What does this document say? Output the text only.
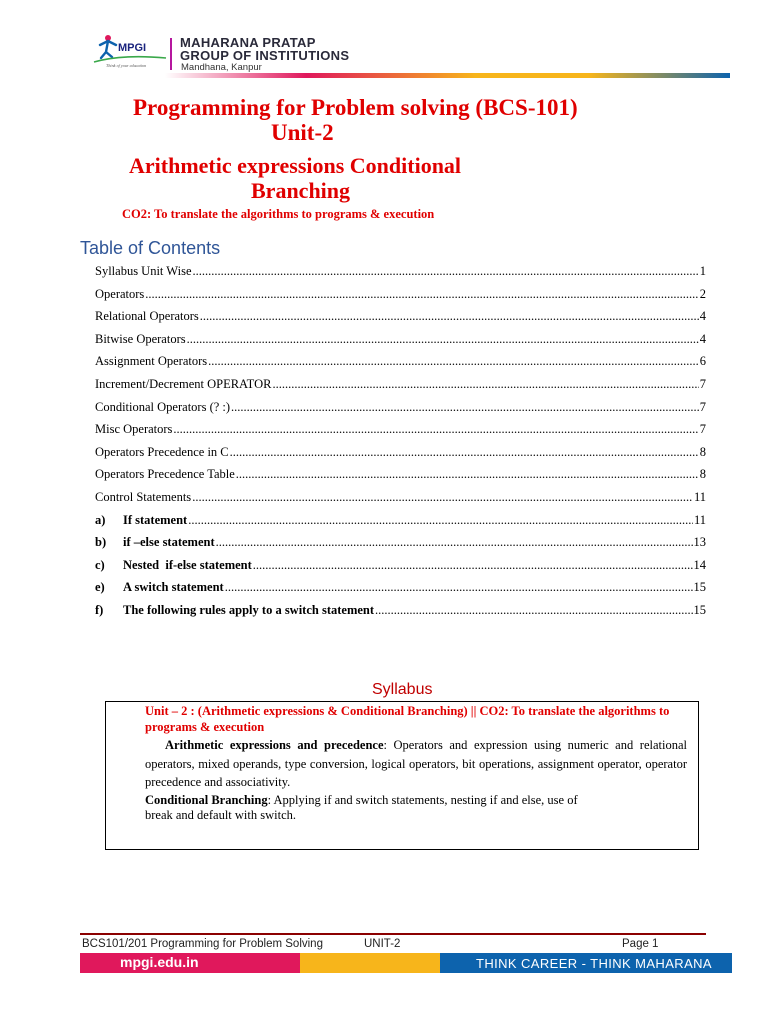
MPGI
Think of your education
MAHARANA PRATAP
GROUP OF INSTITUTIONS
Mandhana, Kanpur
Programming for Problem solving (BCS-101)
Unit-2
Arithmetic expressions Conditional
Branching
CO2: To translate the algorithms to programs & execution
Table of Contents
Syllabus Unit Wise .....	1
Operators .....	2
Relational Operators .....	4
Bitwise Operators .....	4
Assignment Operators .....	6
Increment/Decrement OPERATOR .....	7
Conditional Operators (? :) .....	7
Misc Operators .....	7
Operators Precedence in C .....	8
Operators Precedence Table .....	8
Control Statements .....	11
a)	If statement .....	11
b)	if –else statement .....	13
c)	Nested  if-else statement .....	14
e)	A switch statement .....	15
f)	The following rules apply to a switch statement .....	15
Syllabus
Unit – 2 : (Arithmetic expressions & Conditional Branching) || CO2: To translate the algorithms to programs & execution
Arithmetic expressions and precedence: Operators and expression using numeric and relational operators, mixed operands, type conversion, logical operators, bit operations, assignment operator, operator precedence and associativity.
Conditional Branching: Applying if and switch statements, nesting if and else, use of
break and default with switch.
BCS101/201 Programming for Problem Solving	UNIT-2	Page 1
mpgi.edu.in	THINK CAREER - THINK MAHARANA
